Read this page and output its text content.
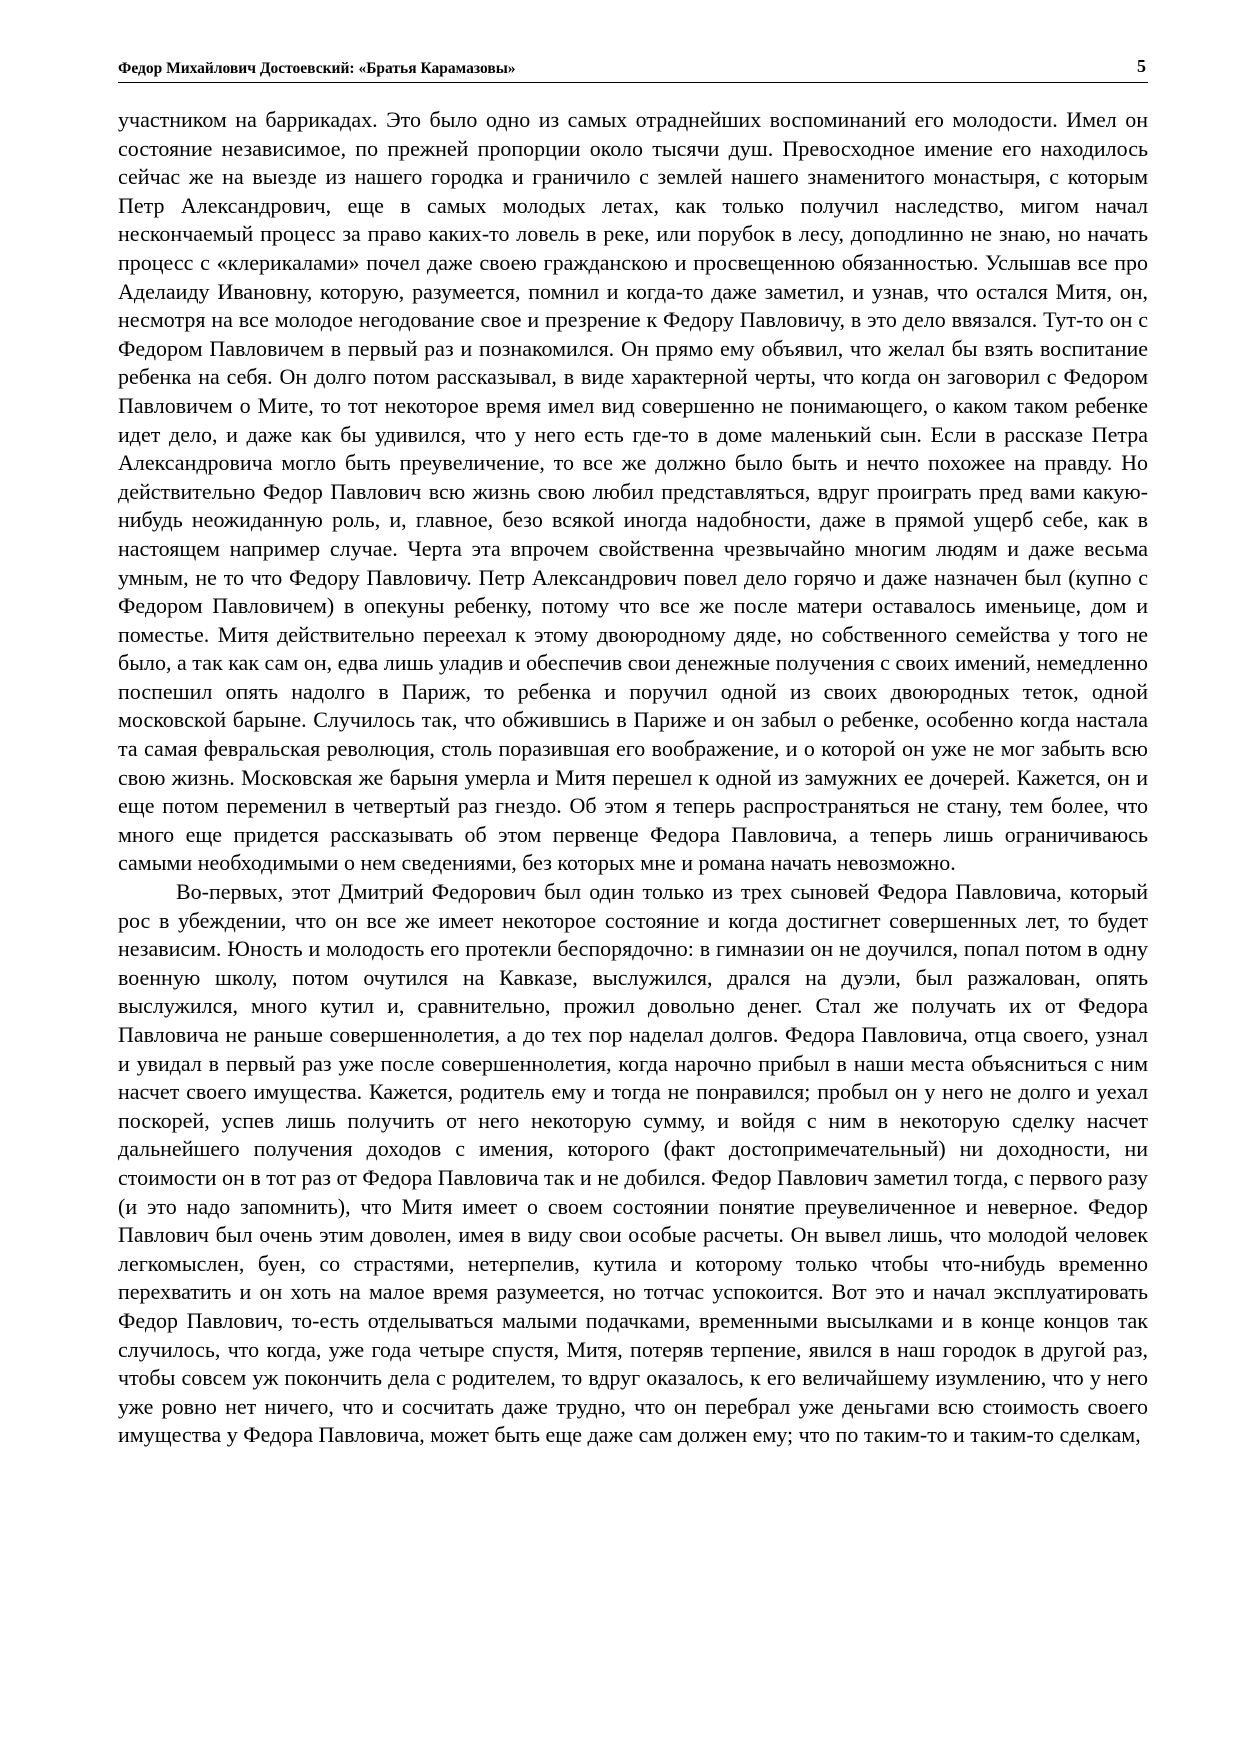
Федор Михайлович Достоевский: «Братья Карамазовы»	5

участником на баррикадах. Это было одно из самых отраднейших воспоминаний его молодости. Имел он состояние независимое, по прежней пропорции около тысячи душ. Превосходное имение его находилось сейчас же на выезде из нашего городка и граничило с землей нашего знаменитого монастыря, с которым Петр Александрович, еще в самых молодых летах, как только получил наследство, мигом начал нескончаемый процесс за право каких-то ловель в реке, или порубок в лесу, доподлинно не знаю, но начать процесс с «клерикалами» почел даже своею гражданскою и просвещенною обязанностью. Услышав все про Аделаиду Ивановну, которую, разумеется, помнил и когда-то даже заметил, и узнав, что остался Митя, он, несмотря на все молодое негодование свое и презрение к Федору Павловичу, в это дело ввязался. Тут-то он с Федором Павловичем в первый раз и познакомился. Он прямо ему объявил, что желал бы взять воспитание ребенка на себя. Он долго потом рассказывал, в виде характерной черты, что когда он заговорил с Федором Павловичем о Мите, то тот некоторое время имел вид совершенно не понимающего, о каком таком ребенке идет дело, и даже как бы удивился, что у него есть где-то в доме маленький сын. Если в рассказе Петра Александровича могло быть преувеличение, то все же должно было быть и нечто похожее на правду. Но действительно Федор Павлович всю жизнь свою любил представляться, вдруг проиграть пред вами какую-нибудь неожиданную роль, и, главное, безо всякой иногда надобности, даже в прямой ущерб себе, как в настоящем например случае. Черта эта впрочем свойственна чрезвычайно многим людям и даже весьма умным, не то что Федору Павловичу. Петр Александрович повел дело горячо и даже назначен был (купно с Федором Павловичем) в опекуны ребенку, потому что все же после матери оставалось именьице, дом и поместье. Митя действительно переехал к этому двоюродному дяде, но собственного семейства у того не было, а так как сам он, едва лишь уладив и обеспечив свои денежные получения с своих имений, немедленно поспешил опять надолго в Париж, то ребенка и поручил одной из своих двоюродных теток, одной московской барыне. Случилось так, что обжившись в Париже и он забыл о ребенке, особенно когда настала та самая февральская революция, столь поразившая его воображение, и о которой он уже не мог забыть всю свою жизнь. Московская же барыня умерла и Митя перешел к одной из замужних ее дочерей. Кажется, он и еще потом переменил в четвертый раз гнездо. Об этом я теперь распространяться не стану, тем более, что много еще придется рассказывать об этом первенце Федора Павловича, а теперь лишь ограничиваюсь самыми необходимыми о нем сведениями, без которых мне и романа начать невозможно.

Во-первых, этот Дмитрий Федорович был один только из трех сыновей Федора Павловича, который рос в убеждении, что он все же имеет некоторое состояние и когда достигнет совершенных лет, то будет независим. Юность и молодость его протекли беспорядочно: в гимназии он не доучился, попал потом в одну военную школу, потом очутился на Кавказе, выслужился, дрался на дуэли, был разжалован, опять выслужился, много кутил и, сравнительно, прожил довольно денег. Стал же получать их от Федора Павловича не раньше совершеннолетия, а до тех пор наделал долгов. Федора Павловича, отца своего, узнал и увидал в первый раз уже после совершеннолетия, когда нарочно прибыл в наши места объясниться с ним насчет своего имущества. Кажется, родитель ему и тогда не понравился; пробыл он у него не долго и уехал поскорей, успев лишь получить от него некоторую сумму, и войдя с ним в некоторую сделку насчет дальнейшего получения доходов с имения, которого (факт достопримечательный) ни доходности, ни стоимости он в тот раз от Федора Павловича так и не добился. Федор Павлович заметил тогда, с первого разу (и это надо запомнить), что Митя имеет о своем состоянии понятие преувеличенное и неверное. Федор Павлович был очень этим доволен, имея в виду свои особые расчеты. Он вывел лишь, что молодой человек легкомыслен, буен, со страстями, нетерпелив, кутила и которому только чтобы что-нибудь временно перехватить и он хоть на малое время разумеется, но тотчас успокоится. Вот это и начал эксплуатировать Федор Павлович, то-есть отделываться малыми подачками, временными высылками и в конце концов так случилось, что когда, уже года четыре спустя, Митя, потеряв терпение, явился в наш городок в другой раз, чтобы совсем уж покончить дела с родителем, то вдруг оказалось, к его величайшему изумлению, что у него уже ровно нет ничего, что и сосчитать даже трудно, что он перебрал уже деньгами всю стоимость своего имущества у Федора Павловича, может быть еще даже сам должен ему; что по таким-то и таким-то сделкам,
